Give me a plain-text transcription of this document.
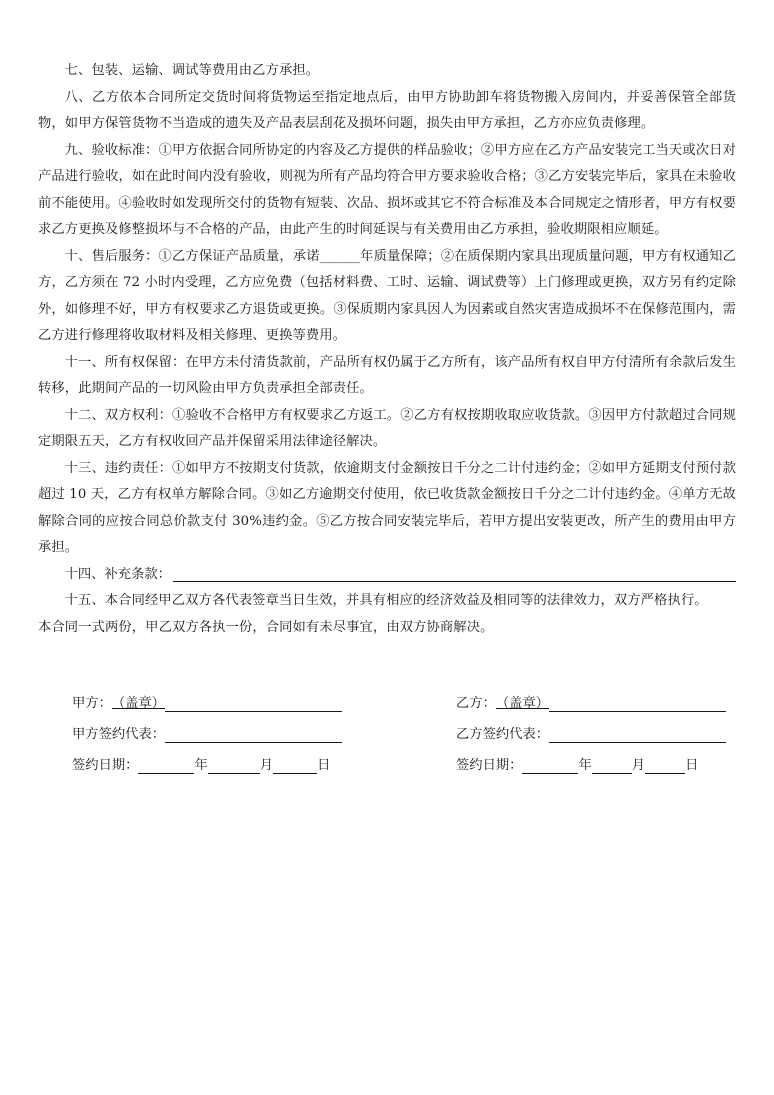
七、包装、运输、调试等费用由乙方承担。

八、乙方依本合同所定交货时间将货物运至指定地点后，由甲方协助卸车将货物搬入房间内，并妥善保管全部货物，如甲方保管货物不当造成的遗失及产品表层刮花及损坏问题，损失由甲方承担，乙方亦应负责修理。

九、验收标准：①甲方依据合同所协定的内容及乙方提供的样品验收；②甲方应在乙方产品安装完工当天或次日对产品进行验收，如在此时间内没有验收，则视为所有产品均符合甲方要求验收合格；③乙方安装完毕后，家具在未验收前不能使用。④验收时如发现所交付的货物有短装、次品、损坏或其它不符合标准及本合同规定之情形者，甲方有权要求乙方更换及修整损坏与不合格的产品，由此产生的时间延误与有关费用由乙方承担，验收期限相应顺延。

十、售后服务：①乙方保证产品质量，承诺______年质量保障；②在质保期内家具出现质量问题，甲方有权通知乙方，乙方须在 72 小时内受理，乙方应免费（包括材料费、工时、运输、调试费等）上门修理或更换，双方另有约定除外，如修理不好，甲方有权要求乙方退货或更换。③保质期内家具因人为因素或自然灾害造成损坏不在保修范围内，需乙方进行修理将收取材料及相关修理、更换等费用。

十一、所有权保留：在甲方未付清货款前，产品所有权仍属于乙方所有，该产品所有权自甲方付清所有余款后发生转移，此期间产品的一切风险由甲方负责承担全部责任。

十二、双方权利：①验收不合格甲方有权要求乙方返工。②乙方有权按期收取应收货款。③因甲方付款超过合同规定期限五天，乙方有权收回产品并保留采用法律途径解决。

十三、违约责任：①如甲方不按期支付货款，依逾期支付金额按日千分之二计付违约金；②如甲方延期支付预付款超过 10 天，乙方有权单方解除合同。③如乙方逾期交付使用，依已收货款金额按日千分之二计付违约金。④单方无故解除合同的应按合同总价款支付 30%违约金。⑤乙方按合同安装完毕后，若甲方提出安装更改，所产生的费用由甲方承担。

十四、补充条款：

十五、本合同经甲乙双方各代表签章当日生效，并具有相应的经济效益及相同等的法律效力，双方严格执行。

本合同一式两份，甲乙双方各执一份，合同如有未尽事宜，由双方协商解决。

甲方： （盖章）
甲方签约代表：
签约日期：	年	月	日
乙方： （盖章）
乙方签约代表：
签约日期：	年	月	日
